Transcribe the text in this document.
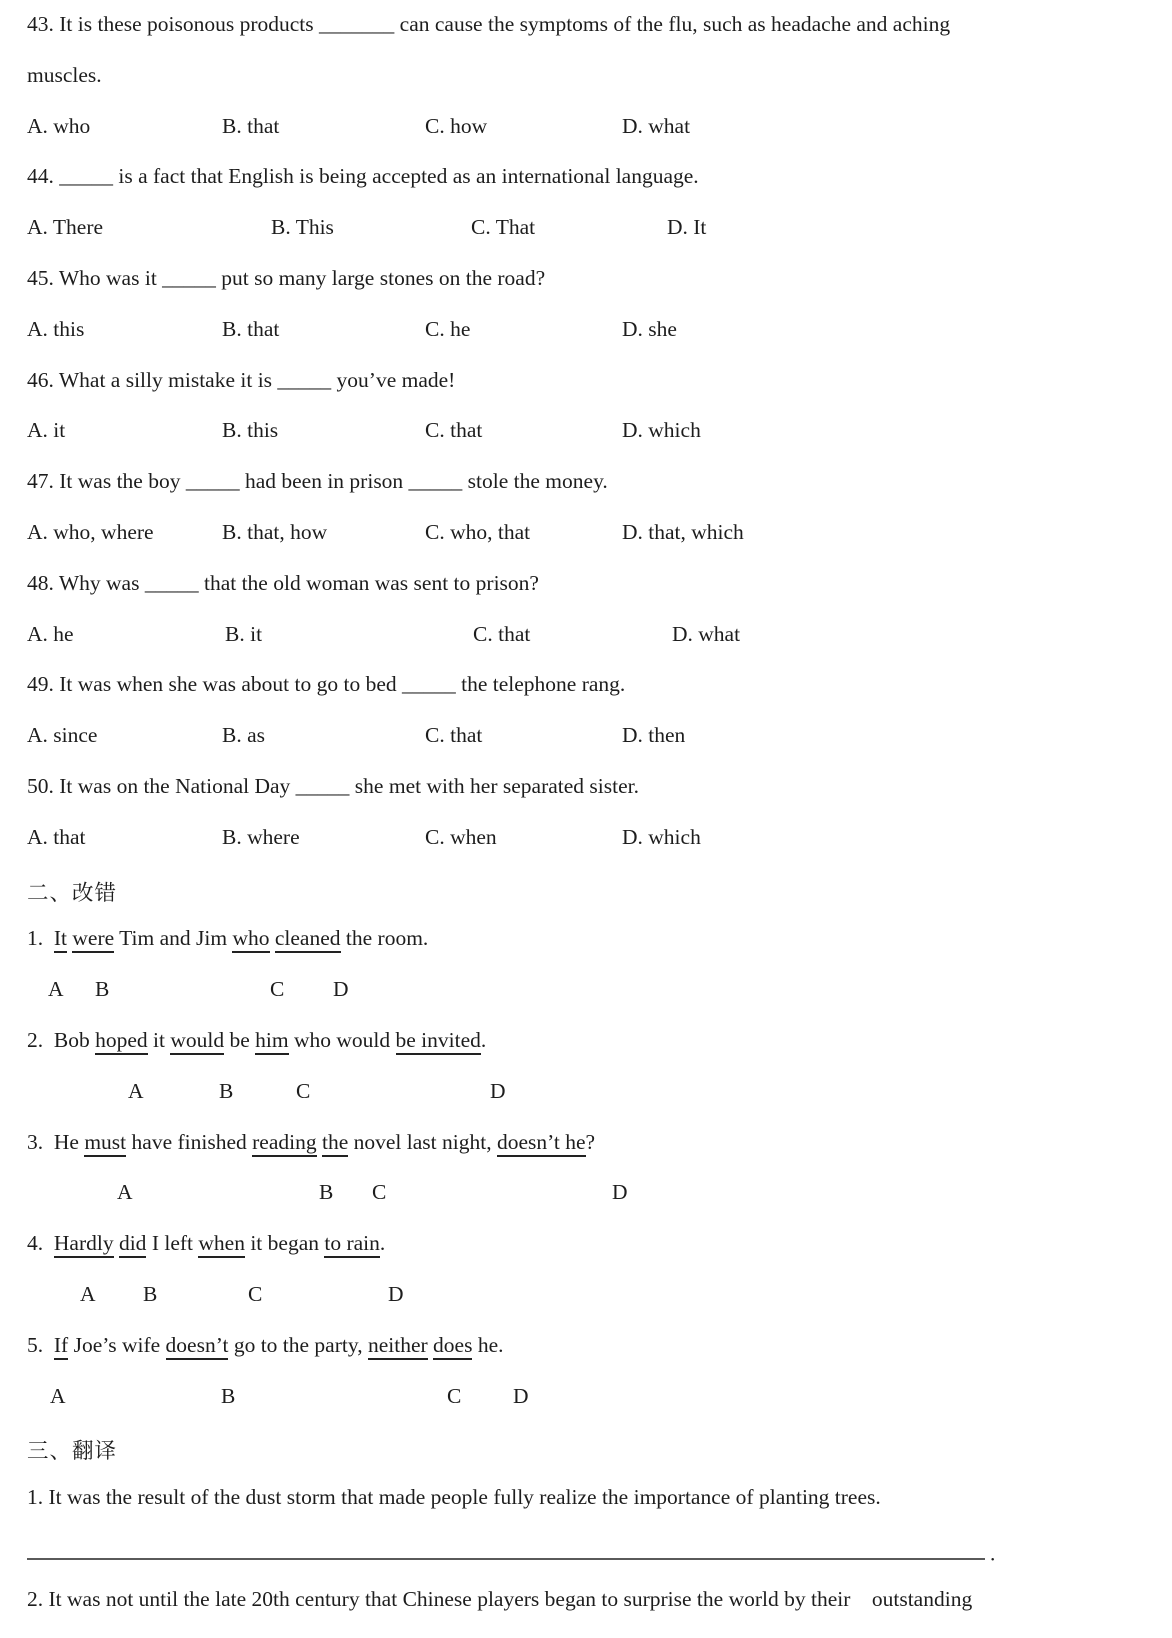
43. It is these poisonous products _______ can cause the symptoms of the flu, such as headache and aching
muscles.
A. who	B. that	C. how	D. what
44. _____ is a fact that English is being accepted as an international language.
A. There	B. This	C. That	D. It
45. Who was it _____ put so many large stones on the road?
A. this	B. that	C. he	D. she
46. What a silly mistake it is _____ you’ve made!
A. it	B. this	C. that	D. which
47. It was the boy _____ had been in prison _____ stole the money.
A. who, where	B. that, how	C. who, that	D. that, which
48. Why was _____ that the old woman was sent to prison?
A. he	B. it	C. that	D. what
49. It was when she was about to go to bed _____ the telephone rang.
A. since	B. as	C. that	D. then
50. It was on the National Day _____ she met with her separated sister.
A. that	B. where	C. when	D. which
二、改错
1.  It were Tim and Jim who cleaned the room.
A B	C D
2.  Bob hoped it would be him who would be invited.
A	B	C	D
3.  He must have finished reading the novel last night, doesn’t he?
A	B C	D
4.  Hardly did I left when it began to rain.
A B	C	D
5.  If Joe’s wife doesn’t go to the party, neither does he.
A	B	C D
三、翻译
1. It was the result of the dust storm that made people fully realize the importance of planting trees.
.
2. It was not until the late 20th century that Chinese players began to surprise the world by their    outstanding
